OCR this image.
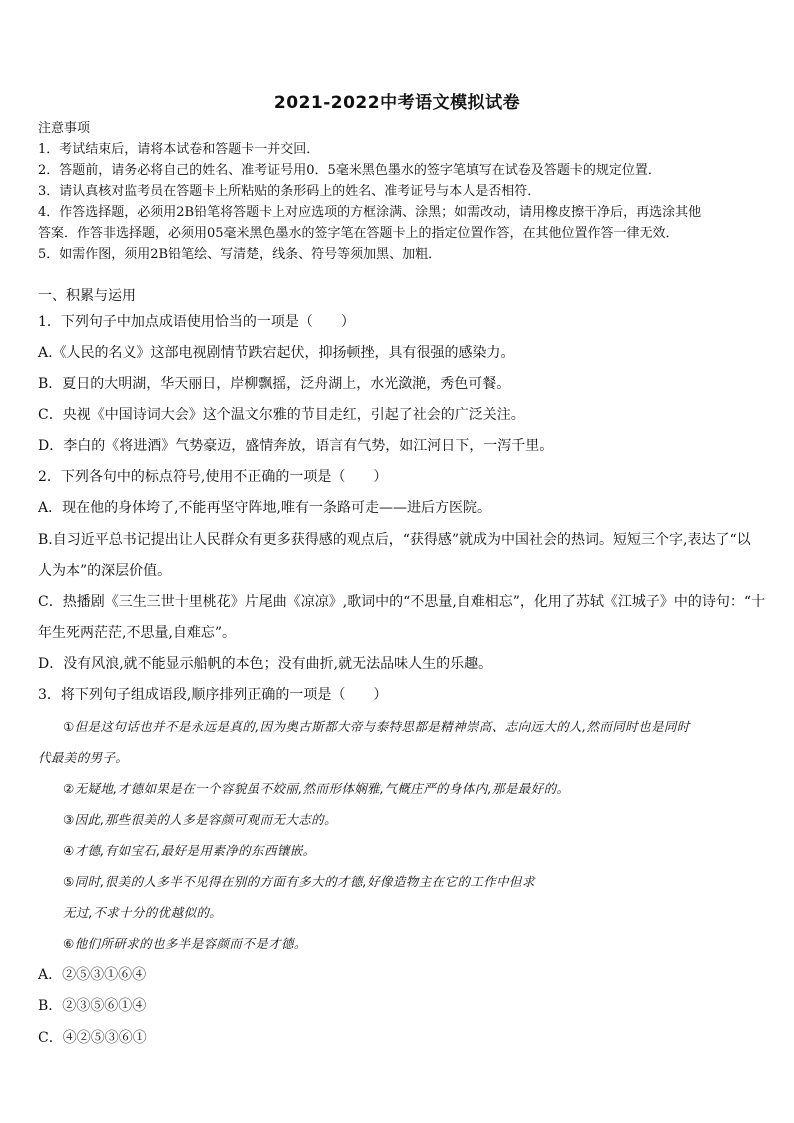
2021-2022中考语文模拟试卷
注意事项
1．考试结束后，请将本试卷和答题卡一并交回．
2．答题前，请务必将自己的姓名、准考证号用0．5毫米黑色墨水的签字笔填写在试卷及答题卡的规定位置．
3．请认真核对监考员在答题卡上所粘贴的条形码上的姓名、准考证号与本人是否相符．
4．作答选择题，必须用2B铅笔将答题卡上对应选项的方框涂满、涂黑；如需改动，请用橡皮擦干净后，再选涂其他
答案．作答非选择题，必须用05毫米黑色墨水的签字笔在答题卡上的指定位置作答，在其他位置作答一律无效．
5．如需作图，须用2B铅笔绘、写清楚，线条、符号等须加黑、加粗．
一、积累与运用
1．下列句子中加点成语使用恰当的一项是（　　）
A.《人民的名义》这部电视剧情节跌宕起伏，抑扬顿挫，具有很强的感染力。
B．夏日的大明湖，华天丽日，岸柳飘摇，泛舟湖上，水光潋滟，秀色可餐。
C．央视《中国诗词大会》这个温文尔雅的节目走红，引起了社会的广泛关注。
D．李白的《将进酒》气势豪迈，盛情奔放，语言有气势，如江河日下，一泻千里。
2．下列各句中的标点符号,使用不正确的一项是（　　）
A．现在他的身体垮了,不能再坚守阵地,唯有一条路可走——进后方医院。
B.自习近平总书记提出让人民群众有更多获得感的观点后，“获得感”就成为中国社会的热词。短短三个字,表达了“以
人为本”的深层价值。
C．热播剧《三生三世十里桃花》片尾曲《凉凉》,歌词中的“不思量,自难相忘”，化用了苏轼《江城子》中的诗句：“十
年生死两茫茫,不思量,自难忘”。
D．没有风浪,就不能显示船帆的本色；没有曲折,就无法品味人生的乐趣。
3．将下列句子组成语段,顺序排列正确的一项是（　　）
①但是这句话也并不是永远是真的,因为奥古斯都大帝与泰特思都是精神崇高、志向远大的人,然而同时也是同时
代最美的男子。
②无疑地,才德如果是在一个容貌虽不姣丽,然而形体娴雅,气概庄严的身体内,那是最好的。
③因此,那些很美的人多是容颜可观而无大志的。
④才德,有如宝石,最好是用素净的东西镶嵌。
⑤同时,很美的人多半不见得在别的方面有多大的才德,好像造物主在它的工作中但求
无过,不求十分的优越似的。
⑥他们所研求的也多半是容颜而不是才德。
A．②⑤③①⑥④
B．②③⑤⑥①④
C．④②⑤③⑥①
